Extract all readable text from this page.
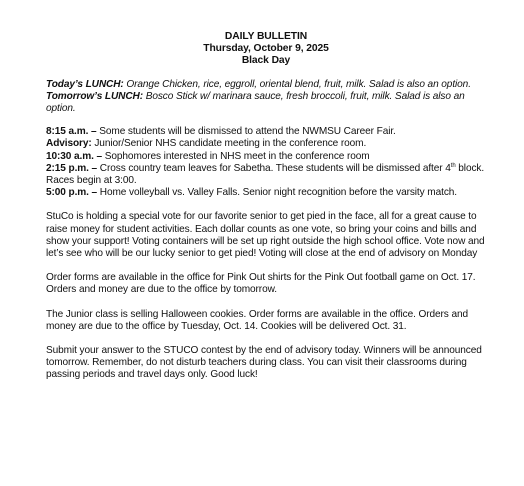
DAILY BULLETIN
Thursday, October 9, 2025
Black Day

Today’s LUNCH: Orange Chicken, rice, eggroll, oriental blend, fruit, milk. Salad is also an option.

Tomorrow’s LUNCH: Bosco Stick w/ marinara sauce, fresh broccoli, fruit, milk. Salad is also an option.

8:15 a.m. – Some students will be dismissed to attend the NWMSU Career Fair.

Advisory: Junior/Senior NHS candidate meeting in the conference room.

10:30 a.m. – Sophomores interested in NHS meet in the conference room

2:15 p.m. – Cross country team leaves for Sabetha. These students will be dismissed after 4th block. Races begin at 3:00.

5:00 p.m. – Home volleyball vs. Valley Falls. Senior night recognition before the varsity match.

StuCo is holding a special vote for our favorite senior to get pied in the face, all for a great cause to raise money for student activities. Each dollar counts as one vote, so bring your coins and bills and show your support! Voting containers will be set up right outside the high school office. Vote now and let’s see who will be our lucky senior to get pied! Voting will close at the end of advisory on Monday

Order forms are available in the office for Pink Out shirts for the Pink Out football game on Oct. 17. Orders and money are due to the office by tomorrow.

The Junior class is selling Halloween cookies. Order forms are available in the office. Orders and money are due to the office by Tuesday, Oct. 14. Cookies will be delivered Oct. 31.

Submit your answer to the STUCO contest by the end of advisory today. Winners will be announced tomorrow. Remember, do not disturb teachers during class. You can visit their classrooms during passing periods and travel days only. Good luck!
